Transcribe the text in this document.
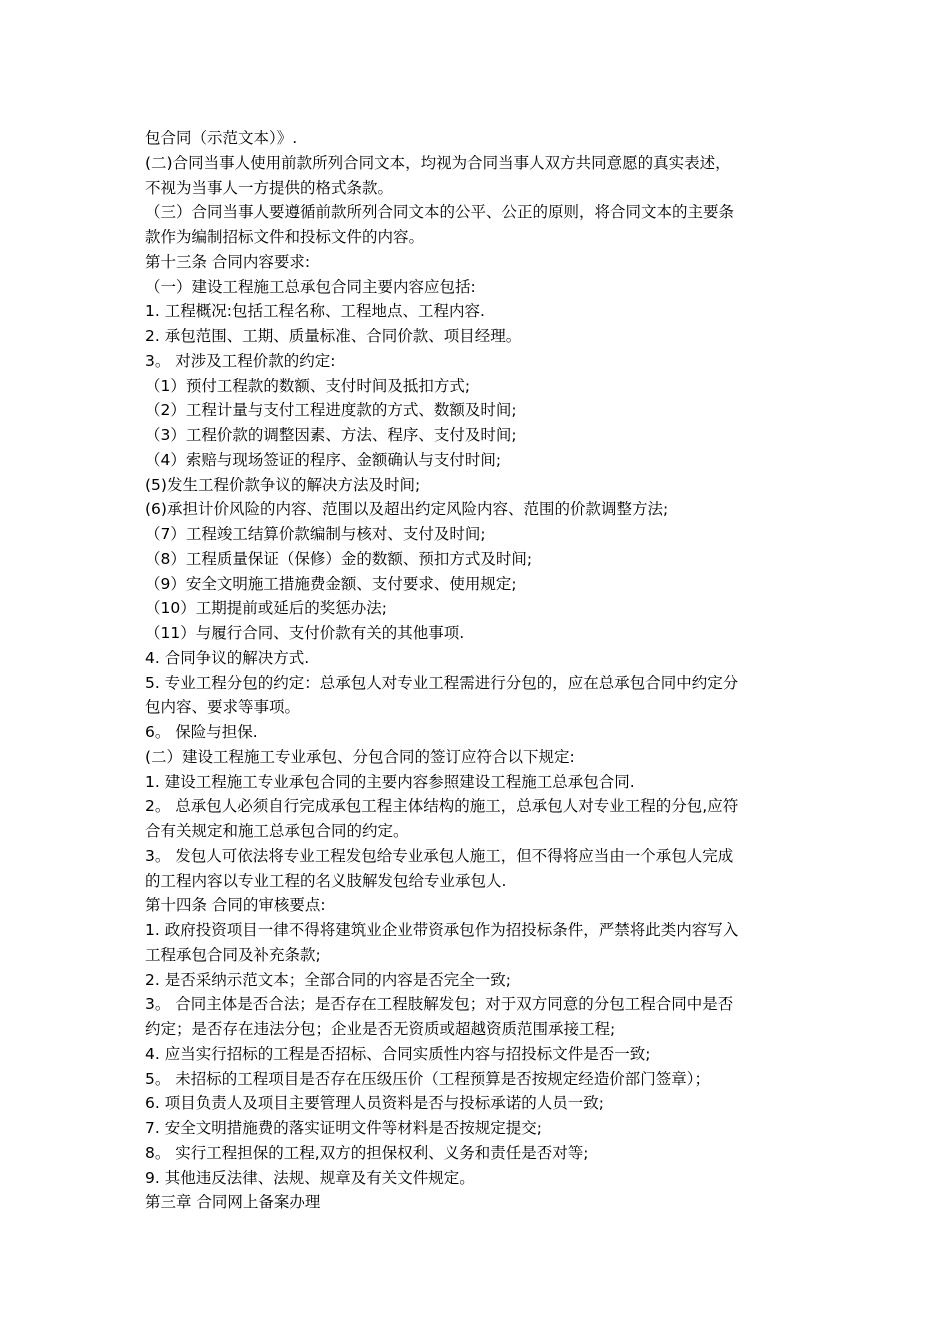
包合同（示范文本）》.
(二)合同当事人使用前款所列合同文本，均视为合同当事人双方共同意愿的真实表述，
不视为当事人一方提供的格式条款。
（三）合同当事人要遵循前款所列合同文本的公平、公正的原则，将合同文本的主要条
款作为编制招标文件和投标文件的内容。
第十三条 合同内容要求:
（一）建设工程施工总承包合同主要内容应包括:
1. 工程概况:包括工程名称、工程地点、工程内容.
2. 承包范围、工期、质量标准、合同价款、项目经理。
3。 对涉及工程价款的约定:
（1）预付工程款的数额、支付时间及抵扣方式;
（2）工程计量与支付工程进度款的方式、数额及时间;
（3）工程价款的调整因素、方法、程序、支付及时间;
（4）索赔与现场签证的程序、金额确认与支付时间;
(5)发生工程价款争议的解决方法及时间;
(6)承担计价风险的内容、范围以及超出约定风险内容、范围的价款调整方法;
（7）工程竣工结算价款编制与核对、支付及时间;
（8）工程质量保证（保修）金的数额、预扣方式及时间;
（9）安全文明施工措施费金额、支付要求、使用规定;
（10）工期提前或延后的奖惩办法;
（11）与履行合同、支付价款有关的其他事项.
4. 合同争议的解决方式.
5. 专业工程分包的约定：总承包人对专业工程需进行分包的，应在总承包合同中约定分
包内容、要求等事项。
6。 保险与担保.
(二）建设工程施工专业承包、分包合同的签订应符合以下规定:
1. 建设工程施工专业承包合同的主要内容参照建设工程施工总承包合同.
2。 总承包人必须自行完成承包工程主体结构的施工，总承包人对专业工程的分包,应符
合有关规定和施工总承包合同的约定。
3。 发包人可依法将专业工程发包给专业承包人施工，但不得将应当由一个承包人完成
的工程内容以专业工程的名义肢解发包给专业承包人.
第十四条 合同的审核要点:
1. 政府投资项目一律不得将建筑业企业带资承包作为招投标条件，严禁将此类内容写入
工程承包合同及补充条款;
2. 是否采纳示范文本；全部合同的内容是否完全一致;
3。 合同主体是否合法；是否存在工程肢解发包；对于双方同意的分包工程合同中是否
约定；是否存在违法分包；企业是否无资质或超越资质范围承接工程;
4. 应当实行招标的工程是否招标、合同实质性内容与招投标文件是否一致;
5。 未招标的工程项目是否存在压级压价（工程预算是否按规定经造价部门签章）；
6. 项目负责人及项目主要管理人员资料是否与投标承诺的人员一致;
7. 安全文明措施费的落实证明文件等材料是否按规定提交;
8。 实行工程担保的工程,双方的担保权利、义务和责任是否对等;
9. 其他违反法律、法规、规章及有关文件规定。
第三章 合同网上备案办理
